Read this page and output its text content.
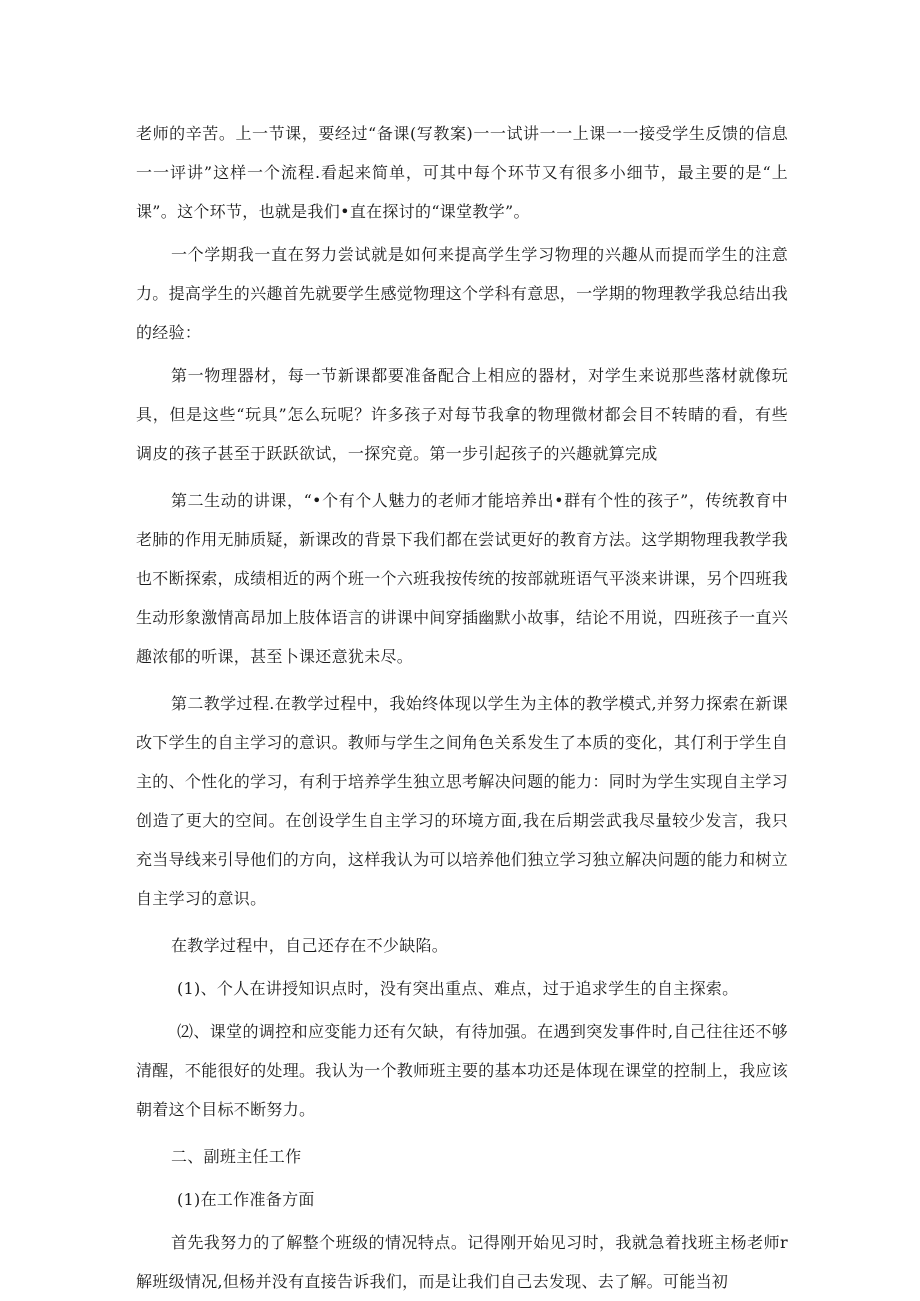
老师的辛苦。上一节课，要经过“备课(写教案)一一试讲一一上课一一接受学生反馈的信息一一评讲”这样一个流程.看起来简单，可其中每个环节又有很多小细节，最主要的是“上课”。这个环节，也就是我们•直在探讨的“课堂教学”。

一个学期我一直在努力尝试就是如何来提高学生学习物理的兴趣从而提而学生的注意力。提高学生的兴趣首先就要学生感觉物理这个学科有意思，一学期的物理教学我总结出我的经验：

第一物理器材，每一节新课都要准备配合上相应的器材，对学生来说那些落材就像玩具，但是这些“玩具”怎么玩呢？许多孩子对每节我拿的物理微材都会目不转睛的看，有些调皮的孩子甚至于跃跃欲试，一探究竟。第一步引起孩子的兴趣就算完成

第二生动的讲课，“•个有个人魅力的老师才能培养出•群有个性的孩子”，传统教育中老肺的作用无肺质疑，新课改的背景下我们都在尝试更好的教育方法。这学期物理我教学我也不断探索，成绩相近的两个班一个六班我按传统的按部就班语气平淡来讲课，另个四班我生动形象激情高昂加上肢体语言的讲课中间穿插幽默小故事，结论不用说，四班孩子一直兴趣浓郁的听课，甚至卜课还意犹未尽。

第二教学过程.在教学过程中，我始终体现以学生为主体的教学模式,并努力探索在新课改下学生的自主学习的意识。教师与学生之间角色关系发生了本质的变化，其仃利于学生自主的、个性化的学习，有利于培养学生独立思考解决问题的能力：同时为学生实现自主学习创造了更大的空间。在创设学生自主学习的环境方面,我在后期尝武我尽量较少发言，我只充当导线来引导他们的方向，这样我认为可以培养他们独立学习独立解决问题的能力和树立自主学习的意识。

在教学过程中，自己还存在不少缺陷。

(1)、个人在讲授知识点时，没有突出重点、难点，过于追求学生的自主探索。

⑵、课堂的调控和应变能力还有欠缺，有待加强。在遇到突发事件时,自己往往还不够清醒，不能很好的处理。我认为一个教师班主要的基本功还是体现在课堂的控制上，我应该朝着这个目标不断努力。

二、副班主任工作

(1)在工作准备方面

首先我努力的了解整个班级的情况特点。记得刚开始见习时，我就急着找班主杨老师r解班级情况,但杨并没有直接告诉我们，而是让我们自己去发现、去了解。可能当初
